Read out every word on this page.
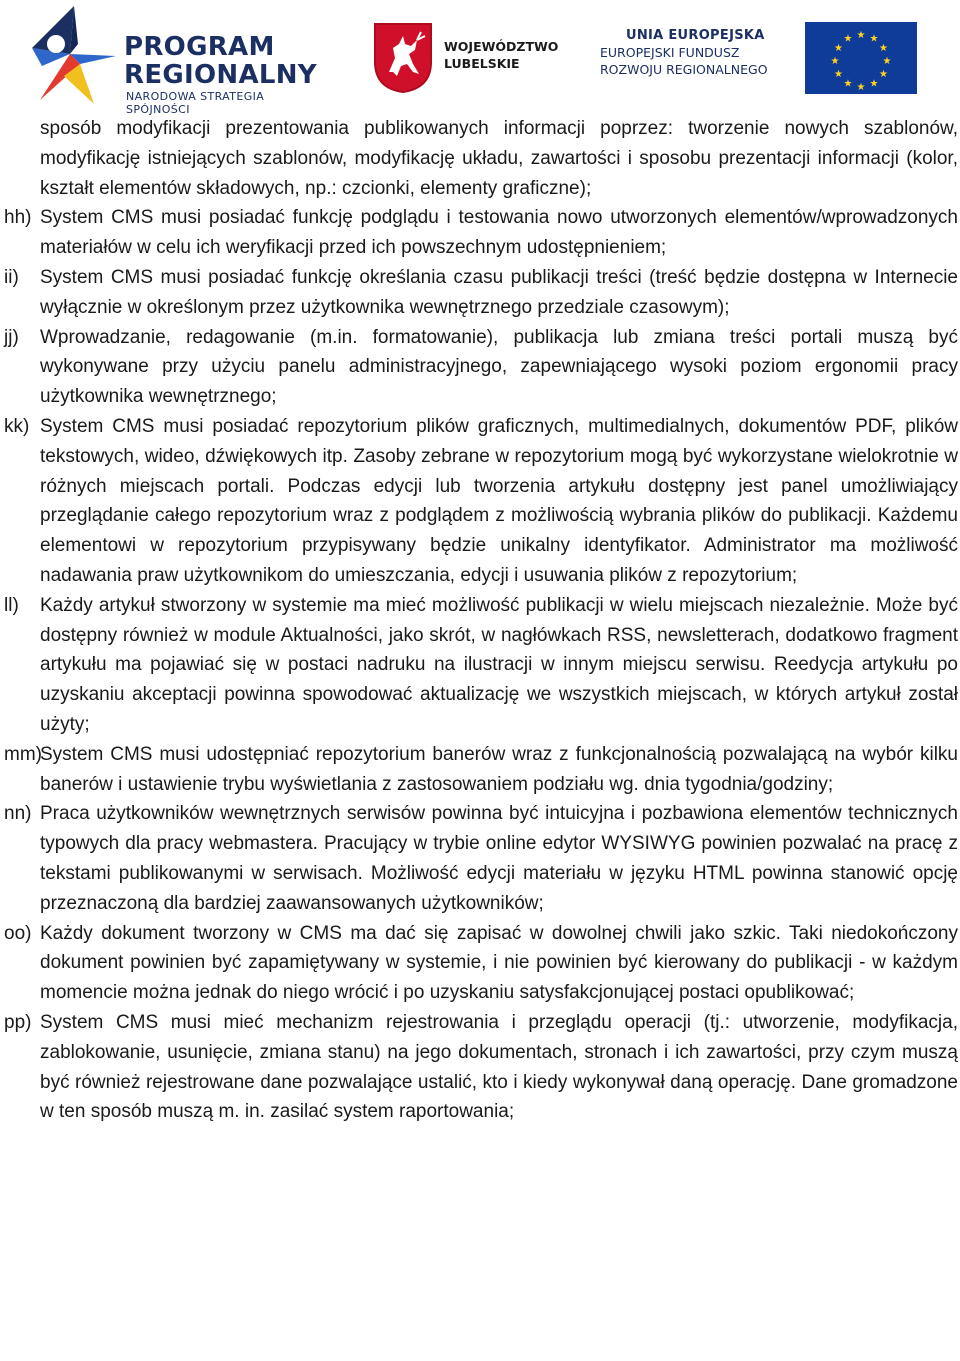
PROGRAM
REGIONALNY
NARODOWA STRATEGIA SPÓJNOŚCI
WOJEWÓDZTWO
LUBELSKIE
UNIA EUROPEJSKA
EUROPEJSKI FUNDUSZ
ROZWOJU REGIONALNEGO
★ ★
★
★
★
★
★
★
★
★
★
★
sposób modyfikacji prezentowania publikowanych informacji poprzez: tworzenie nowych szablonów, modyfikację istniejących szablonów, modyfikację układu, zawartości i sposobu prezentacji informacji (kolor, kształt elementów składowych, np.: czcionki, elementy graficzne);
hh) System CMS musi posiadać funkcję podglądu i testowania nowo utworzonych elementów/wprowadzonych materiałów w celu ich weryfikacji przed ich powszechnym udostępnieniem;
ii) System CMS musi posiadać funkcję określania czasu publikacji treści (treść będzie dostępna w Internecie wyłącznie w określonym przez użytkownika wewnętrznego przedziale czasowym);
jj) Wprowadzanie, redagowanie (m.in. formatowanie), publikacja lub zmiana treści portali muszą być wykonywane przy użyciu panelu administracyjnego, zapewniającego wysoki poziom ergonomii pracy użytkownika wewnętrznego;
kk) System CMS musi posiadać repozytorium plików graficznych, multimedialnych, dokumentów PDF, plików tekstowych, wideo, dźwiękowych itp. Zasoby zebrane w repozytorium mogą być wykorzystane wielokrotnie w różnych miejscach portali. Podczas edycji lub tworzenia artykułu dostępny jest panel umożliwiający przeglądanie całego repozytorium wraz z podglądem z możliwością wybrania plików do publikacji. Każdemu elementowi w repozytorium przypisywany będzie unikalny identyfikator. Administrator ma możliwość nadawania praw użytkownikom do umieszczania, edycji i usuwania plików z repozytorium;
ll) Każdy artykuł stworzony w systemie ma mieć możliwość publikacji w wielu miejscach niezależnie. Może być dostępny również w module Aktualności, jako skrót, w nagłówkach RSS, newsletterach, dodatkowo fragment artykułu ma pojawiać się w postaci nadruku na ilustracji w innym miejscu serwisu. Reedycja artykułu po uzyskaniu akceptacji powinna spowodować aktualizację we wszystkich miejscach, w których artykuł został użyty;
mm)
System CMS musi udostępniać repozytorium banerów wraz z funkcjonalnością pozwalającą na wybór kilku banerów i ustawienie trybu wyświetlania z zastosowaniem podziału wg. dnia tygodnia/godziny;
nn) Praca użytkowników wewnętrznych serwisów powinna być intuicyjna i pozbawiona elementów technicznych typowych dla pracy webmastera. Pracujący w trybie online edytor WYSIWYG powinien pozwalać na pracę z tekstami publikowanymi w serwisach. Możliwość edycji materiału w języku HTML powinna stanowić opcję przeznaczoną dla bardziej zaawansowanych użytkowników;
oo) Każdy dokument tworzony w CMS ma dać się zapisać w dowolnej chwili jako szkic. Taki niedokończony dokument powinien być zapamiętywany w systemie, i nie powinien być kierowany do publikacji - w każdym momencie można jednak do niego wrócić i po uzyskaniu satysfakcjonującej postaci opublikować;
pp) System CMS musi mieć mechanizm rejestrowania i przeglądu operacji (tj.: utworzenie, modyfikacja, zablokowanie, usunięcie, zmiana stanu) na jego dokumentach, stronach i ich zawartości, przy czym muszą być również rejestrowane dane pozwalające ustalić, kto i kiedy wykonywał daną operację. Dane gromadzone w ten sposób muszą m. in. zasilać system raportowania;
